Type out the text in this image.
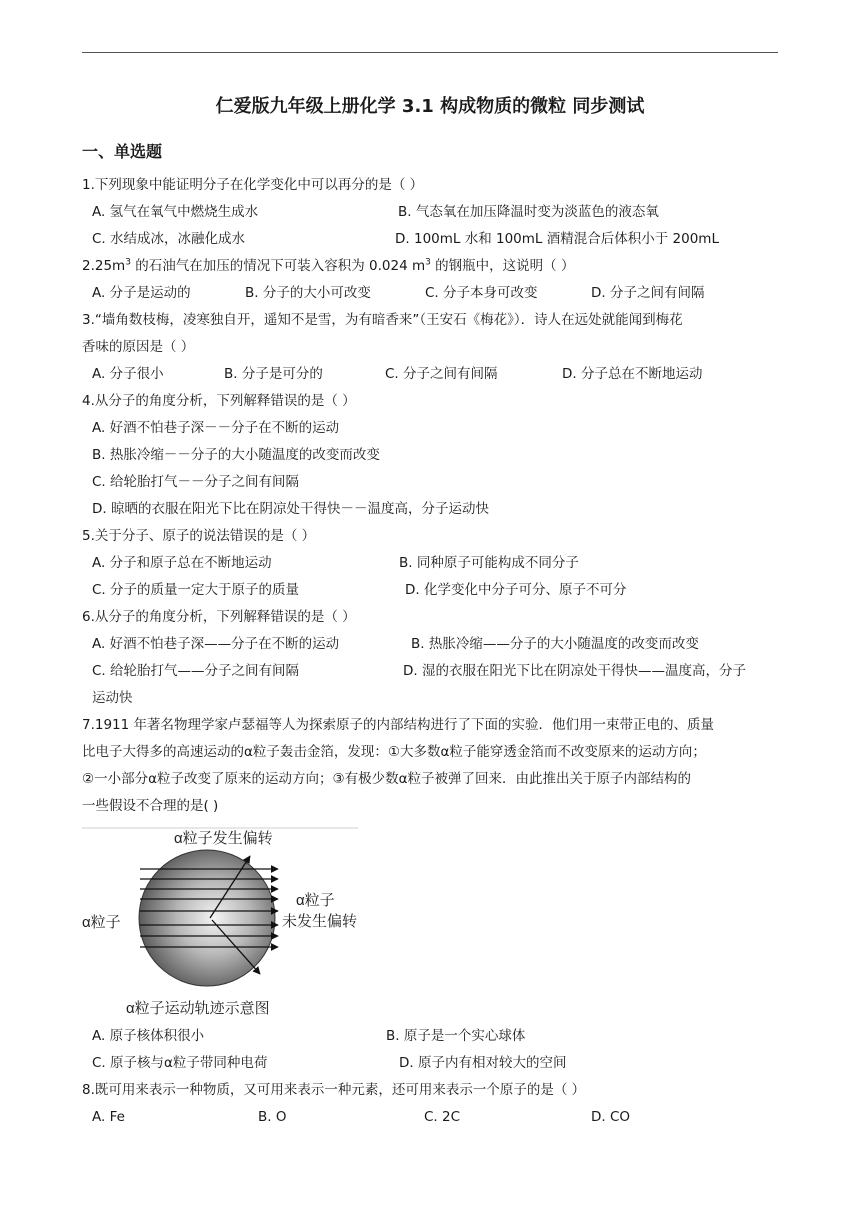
仁爱版九年级上册化学 3.1 构成物质的微粒 同步测试
一、单选题
1.下列现象中能证明分子在化学变化中可以再分的是（ ）
A. 氢气在氧气中燃烧生成水	B. 气态氧在加压降温时变为淡蓝色的液态氧
C. 水结成冰，冰融化成水	D. 100mL 水和 100mL 酒精混合后体积小于 200mL
$2.25m^3$ 的石油气在加压的情况下可装入容积为 0.024 $m^3$ 的钢瓶中，这说明（ ）
A. 分子是运动的	B. 分子的大小可改变	C. 分子本身可改变	D. 分子之间有间隔
3.“墙角数枝梅，凌寒独自开，遥知不是雪，为有暗香来”（王安石《梅花》）．诗人在远处就能闻到梅花
香味的原因是（ ）
A. 分子很小	B. 分子是可分的	C. 分子之间有间隔	D. 分子总在不断地运动
4.从分子的角度分析，下列解释错误的是（ ）
A. 好酒不怕巷子深－－分子在不断的运动
B. 热胀冷缩－－分子的大小随温度的改变而改变
C. 给轮胎打气－－分子之间有间隔
D. 晾晒的衣服在阳光下比在阴凉处干得快－－温度高，分子运动快
5.关于分子、原子的说法错误的是（ ）
A. 分子和原子总在不断地运动	B. 同种原子可能构成不同分子
C. 分子的质量一定大于原子的质量	D. 化学变化中分子可分、原子不可分
6.从分子的角度分析，下列解释错误的是（ ）
A. 好酒不怕巷子深——分子在不断的运动	B. 热胀冷缩——分子的大小随温度的改变而改变
C. 给轮胎打气——分子之间有间隔	D. 湿的衣服在阳光下比在阴凉处干得快——温度高，分子
运动快
7.1911 年著名物理学家卢瑟福等人为探索原子的内部结构进行了下面的实验．他们用一束带正电的、质量
比电子大得多的高速运动的α粒子轰击金箔，发现：①大多数α粒子能穿透金箔而不改变原来的运动方向；
②一小部分α粒子改变了原来的运动方向；③有极少数α粒子被弹了回来．由此推出关于原子内部结构的
一些假设不合理的是( )
α粒子发生偏转
α粒子
α粒子
未发生偏转
α粒子运动轨迹示意图
A. 原子核体积很小	B. 原子是一个实心球体
C. 原子核与α粒子带同种电荷	D. 原子内有相对较大的空间
8.既可用来表示一种物质，又可用来表示一种元素，还可用来表示一个原子的是（ ）
A. Fe	B. O	C. 2C	D. CO
